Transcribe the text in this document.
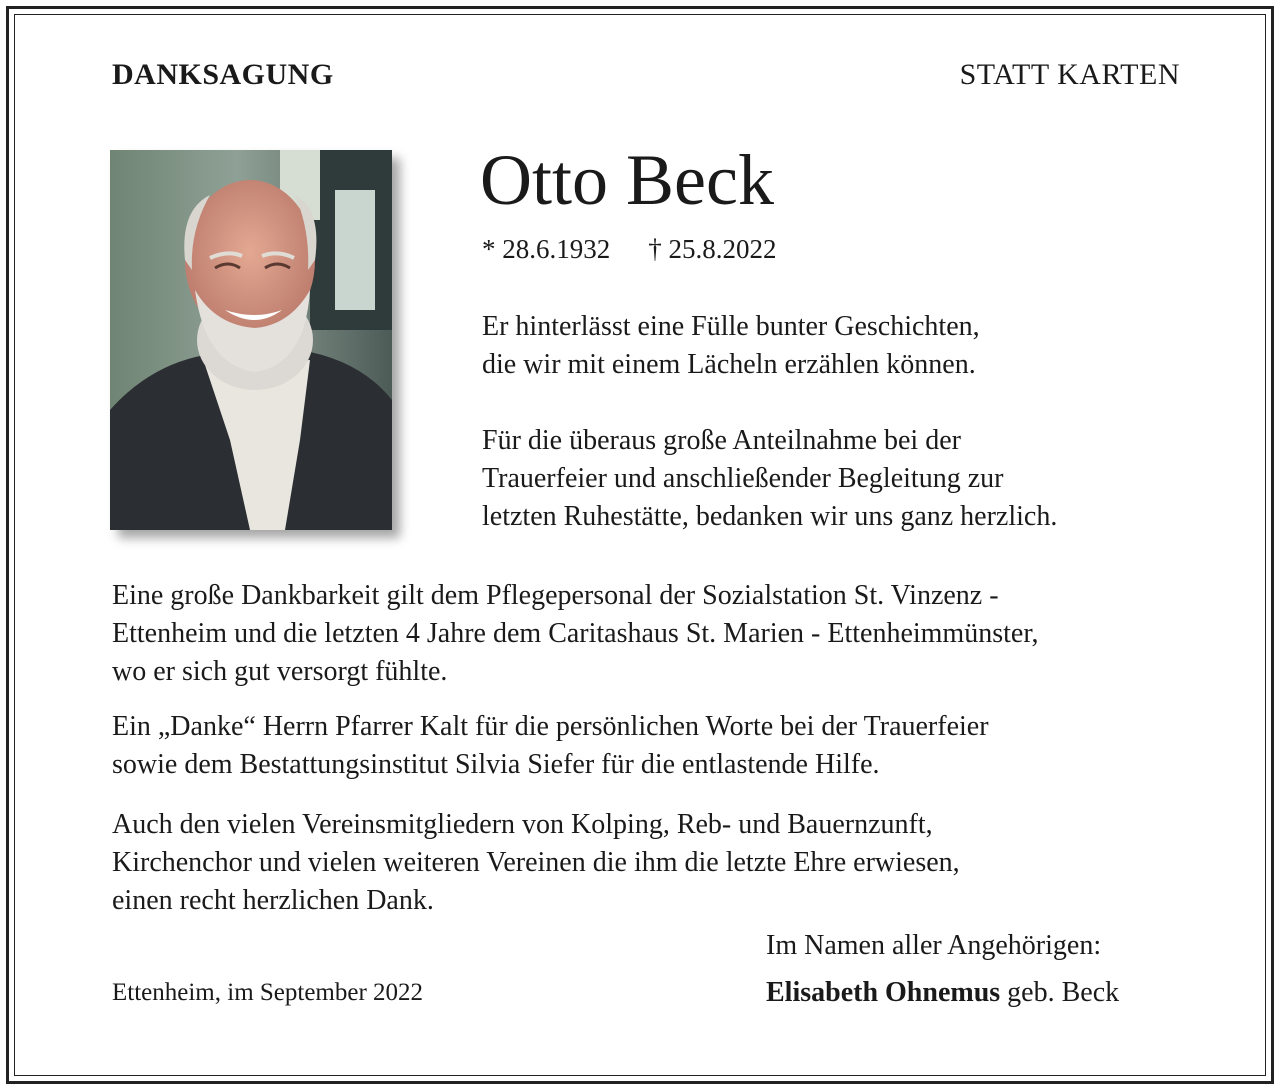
DANKSAGUNG	STATT KARTEN
Otto Beck
* 28.6.1932 † 25.8.2022
Er hinterlässt eine Fülle bunter Geschichten,
die wir mit einem Lächeln erzählen können.
Für die überaus große Anteilnahme bei der
Trauerfeier und anschließender Begleitung zur
letzten Ruhestätte, bedanken wir uns ganz herzlich.
Eine große Dankbarkeit gilt dem Pflegepersonal der Sozialstation St. Vinzenz -
Ettenheim und die letzten 4 Jahre dem Caritashaus St. Marien - Ettenheimmünster,
wo er sich gut versorgt fühlte.
Ein „Danke“ Herrn Pfarrer Kalt für die persönlichen Worte bei der Trauerfeier
sowie dem Bestattungsinstitut Silvia Siefer für die entlastende Hilfe.
Auch den vielen Vereinsmitgliedern von Kolping, Reb- und Bauernzunft,
Kirchenchor und vielen weiteren Vereinen die ihm die letzte Ehre erwiesen,
einen recht herzlichen Dank.
Im Namen aller Angehörigen:
Elisabeth Ohnemus geb. Beck
Ettenheim, im September 2022
